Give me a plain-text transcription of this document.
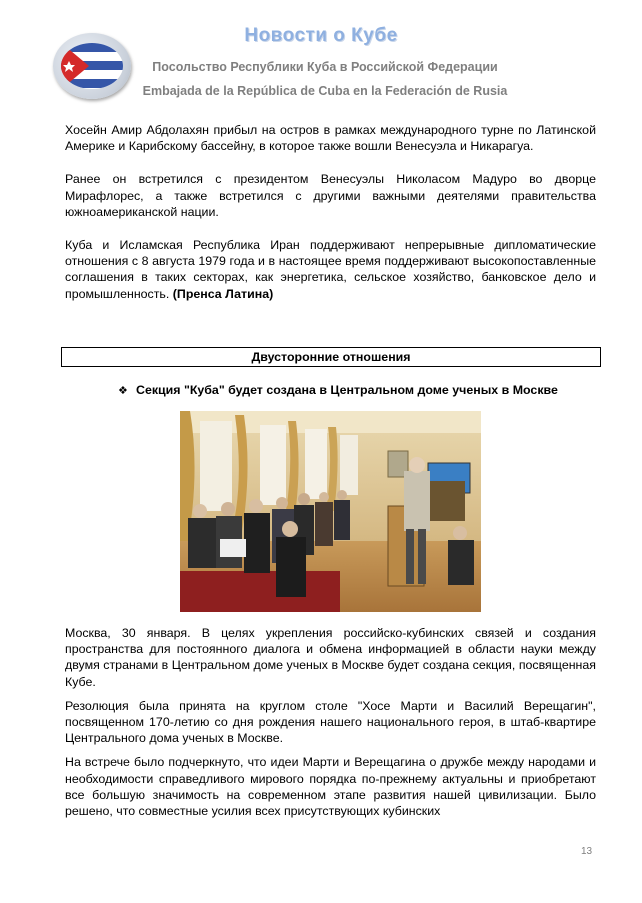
Новости о Кубе
Посольство Республики Куба в Российской Федерации
Embajada de la República de Cuba en la Federación de Rusia

Хосейн Амир Абдолахян прибыл на остров в рамках международного турне по Латинской Америке и Карибскому бассейну, в которое также вошли Венесуэла и Никарагуа.

Ранее он встретился с президентом Венесуэлы Николасом Мадуро во дворце Мирафлорес, а также встретился с другими важными деятелями правительства южноамериканской нации.

Куба и Исламская Республика Иран поддерживают непрерывные дипломатические отношения с 8 августа 1979 года и в настоящее время поддерживают высокопоставленные соглашения в таких секторах, как энергетика, сельское хозяйство, банковское дело и промышленность. (Пренса Латина)

Двусторонние отношения
❖ Секция "Куба" будет создана в Центральном доме ученых в Москве

Москва, 30 января. В целях укрепления российско-кубинских связей и создания пространства для постоянного диалога и обмена информацией в области науки между двумя странами в Центральном доме ученых в Москве будет создана секция, посвященная Кубе.

Резолюция была принята на круглом столе "Хосе Марти и Василий Верещагин", посвященном 170-летию со дня рождения нашего национального героя, в штаб-квартире Центрального дома ученых в Москве.

На встрече было подчеркнуто, что идеи Марти и Верещагина о дружбе между народами и необходимости справедливого мирового порядка по-прежнему актуальны и приобретают все большую значимость на современном этапе развития нашей цивилизации. Было решено, что совместные усилия всех присутствующих кубинских

13
